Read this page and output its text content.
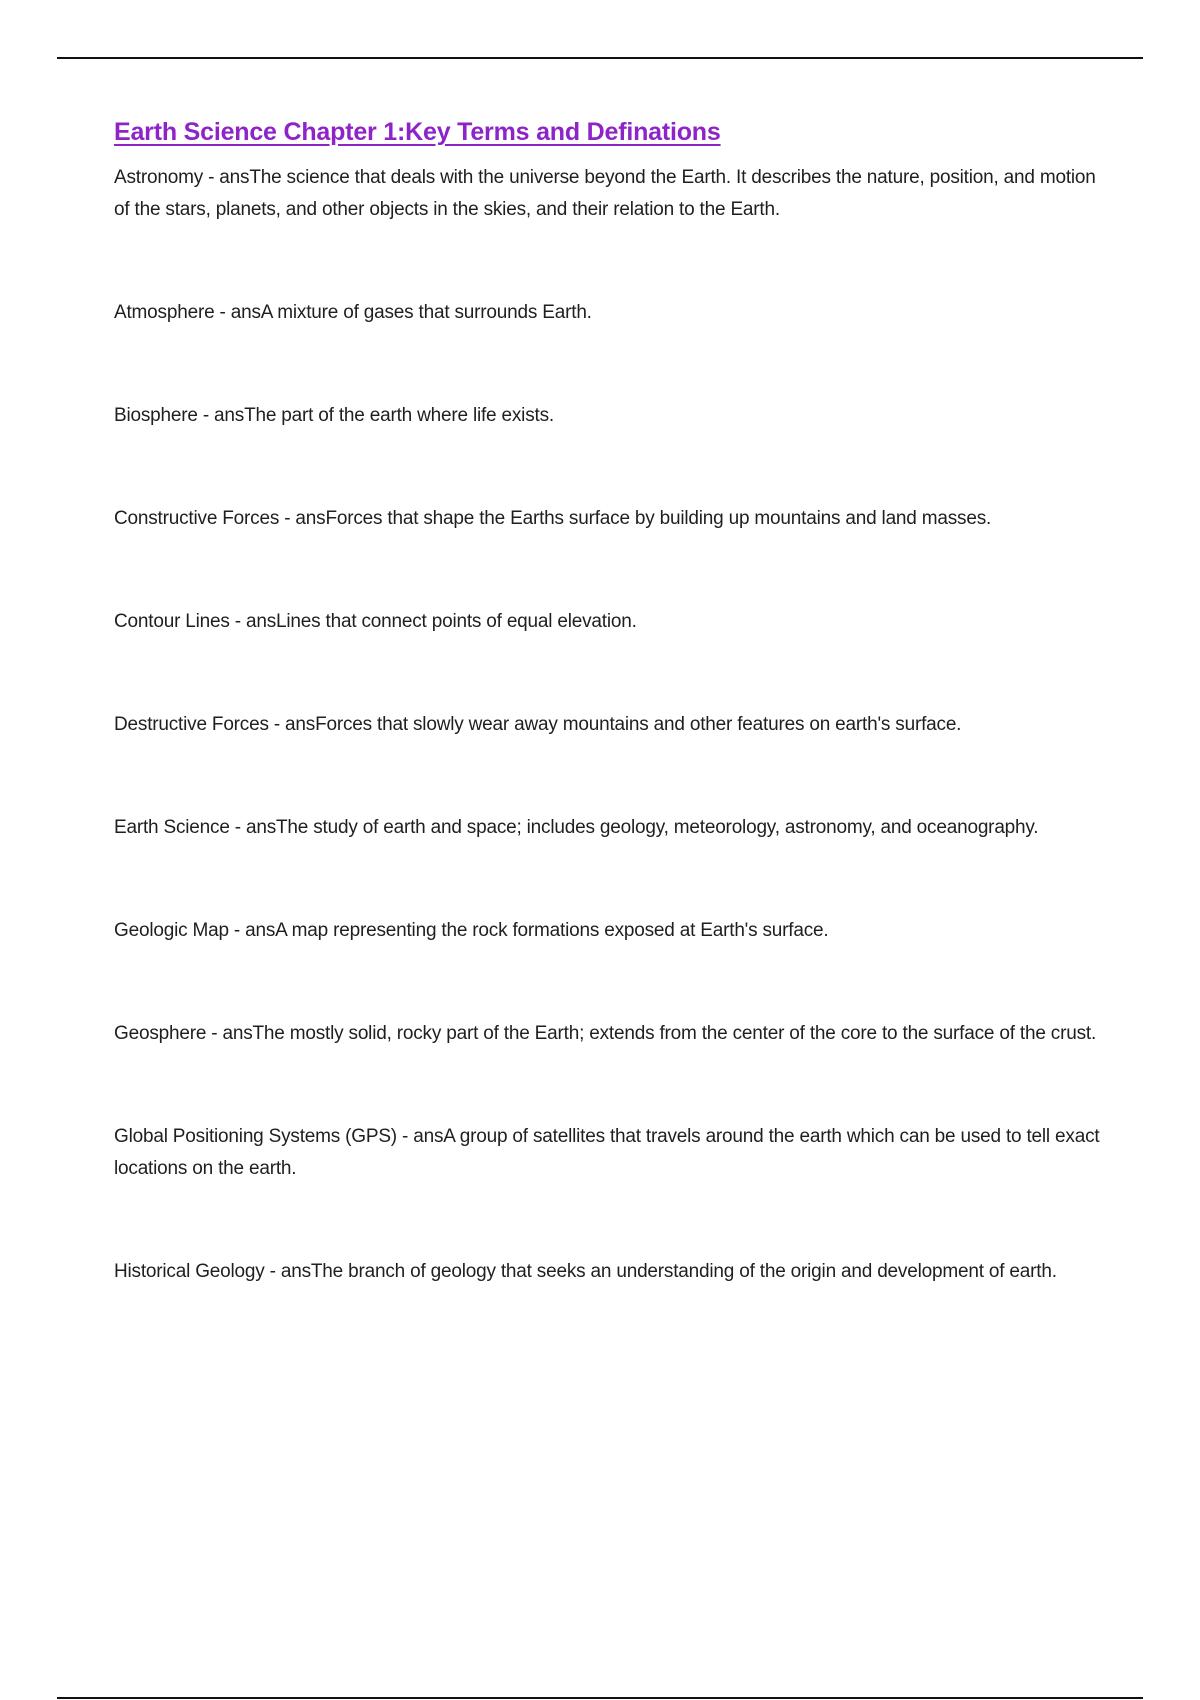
Earth Science Chapter 1:Key Terms and Definations

Astronomy - ansThe science that deals with the universe beyond the Earth. It describes the nature, position, and motion of the stars, planets, and other objects in the skies, and their relation to the Earth.

Atmosphere - ansA mixture of gases that surrounds Earth.

Biosphere - ansThe part of the earth where life exists.

Constructive Forces - ansForces that shape the Earths surface by building up mountains and land masses.

Contour Lines - ansLines that connect points of equal elevation.

Destructive Forces - ansForces that slowly wear away mountains and other features on earth's surface.

Earth Science - ansThe study of earth and space; includes geology, meteorology, astronomy, and oceanography.

Geologic Map - ansA map representing the rock formations exposed at Earth's surface.

Geosphere - ansThe mostly solid, rocky part of the Earth; extends from the center of the core to the surface of the crust.

Global Positioning Systems (GPS) - ansA group of satellites that travels around the earth which can be used to tell exact locations on the earth.

Historical Geology - ansThe branch of geology that seeks an understanding of the origin and development of earth.
